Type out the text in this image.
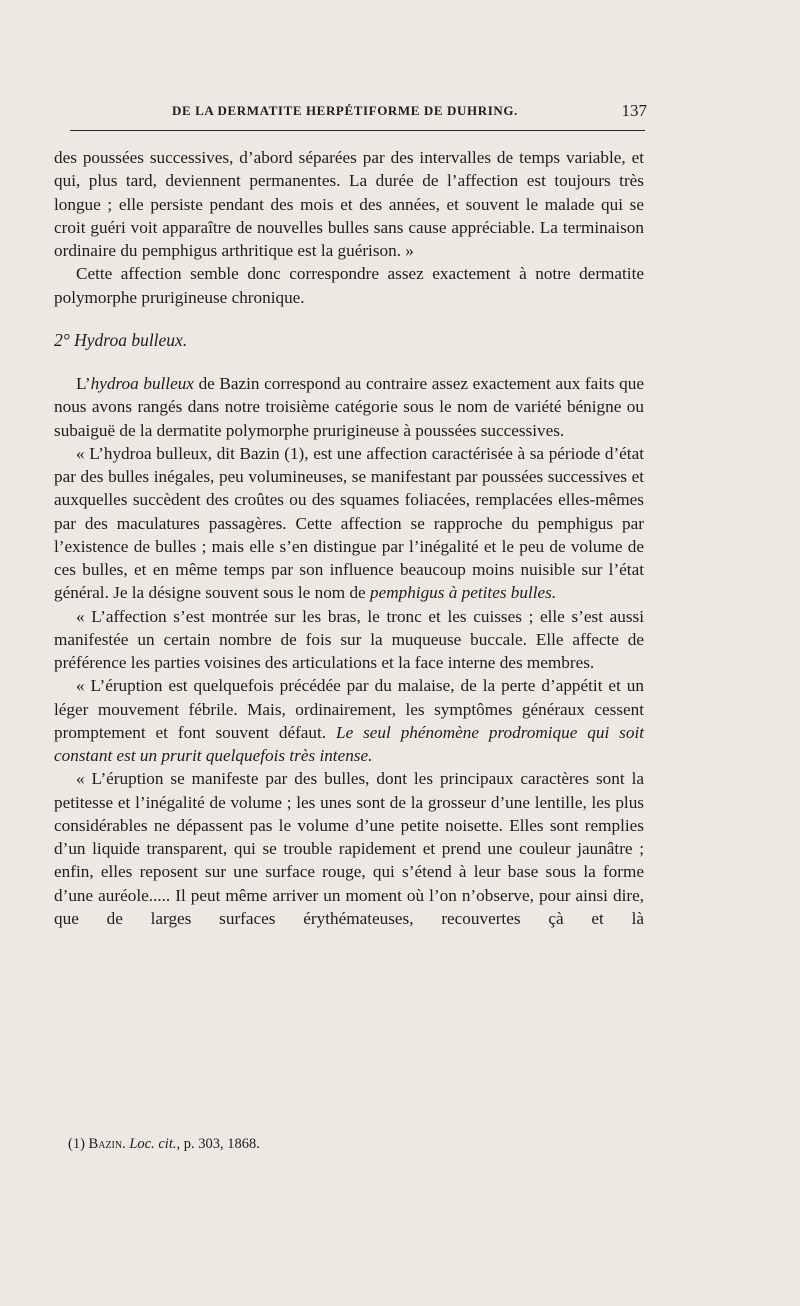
DE LA DERMATITE HERPÉTIFORME DE DUHRING.	137

des poussées successives, d’abord séparées par des intervalles de temps variable, et qui, plus tard, deviennent permanentes. La durée de l’affection est toujours très longue ; elle persiste pendant des mois et des années, et souvent le malade qui se croit guéri voit apparaître de nouvelles bulles sans cause appréciable. La terminaison ordinaire du pemphigus arthritique est la guérison. »

Cette affection semble donc correspondre assez exactement à notre dermatite polymorphe prurigineuse chronique.

2° Hydroa bulleux.

L’hydroa bulleux de Bazin correspond au contraire assez exactement aux faits que nous avons rangés dans notre troisième catégorie sous le nom de variété bénigne ou subaiguë de la dermatite polymorphe prurigineuse à poussées successives.

« L’hydroa bulleux, dit Bazin (1), est une affection caractérisée à sa période d’état par des bulles inégales, peu volumineuses, se manifestant par poussées successives et auxquelles succèdent des croûtes ou des squames foliacées, remplacées elles-mêmes par des maculatures passagères. Cette affection se rapproche du pemphigus par l’existence de bulles ; mais elle s’en distingue par l’inégalité et le peu de volume de ces bulles, et en même temps par son influence beaucoup moins nuisible sur l’état général. Je la désigne souvent sous le nom de pemphigus à petites bulles.

« L’affection s’est montrée sur les bras, le tronc et les cuisses ; elle s’est aussi manifestée un certain nombre de fois sur la muqueuse buccale. Elle affecte de préférence les parties voisines des articulations et la face interne des membres.

« L’éruption est quelquefois précédée par du malaise, de la perte d’appétit et un léger mouvement fébrile. Mais, ordinairement, les symptômes généraux cessent promptement et font souvent défaut. Le seul phénomène prodromique qui soit constant est un prurit quelquefois très intense.

« L’éruption se manifeste par des bulles, dont les principaux caractères sont la petitesse et l’inégalité de volume ; les unes sont de la grosseur d’une lentille, les plus considérables ne dépassent pas le volume d’une petite noisette. Elles sont remplies d’un liquide transparent, qui se trouble rapidement et prend une couleur jaunâtre ; enfin, elles reposent sur une surface rouge, qui s’étend à leur base sous la forme d’une auréole..... Il peut même arriver un moment où l’on n’observe, pour ainsi dire, que de larges surfaces érythémateuses, recouvertes çà et là

(1) Bazin. Loc. cit., p. 303, 1868.
